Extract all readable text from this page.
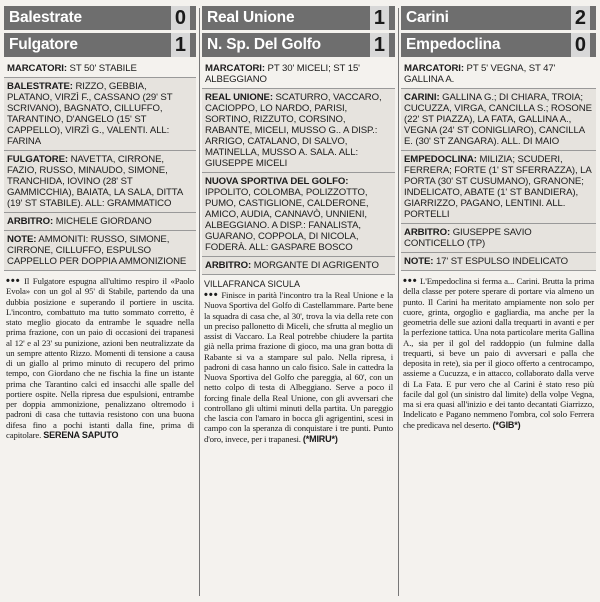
Balestrate	0
Fulgatore	1
MARCATORI: ST 50' STABILE
BALESTRATE: RIZZO, GEBBIA, PLATANO, VIRZÌ F., CASSANO (29' ST SCRIVANO), BAGNATO, CILLUFFO, TARANTINO, D'ANGELO (15' ST CAPPELLO), VIRZÌ G., VALENTI. ALL: FARINA
FULGATORE: NAVETTA, CIRRONE, FAZIO, RUSSO, MINAUDO, SIMONE, TRANCHIDA, IOVINO (28' ST GAMMICCHIA), BAIATA, LA SALA, DITTA (19' ST STABILE). ALL: GRAMMATICO
ARBITRO: MICHELE GIORDANO
NOTE: AMMONITI: RUSSO, SIMONE, CIRRONE, CILLUFFO, ESPULSO CAPPELLO PER DOPPIA AMMONIZIONE
••• Il Fulgatore espugna all'ultimo respiro il «Paolo Evola» con un gol al 95' di Stabile, partendo da una dubbia posizione e superando il portiere in uscita. L'incontro, combattuto ma tutto sommato corretto, è stato meglio giocato da entrambe le squadre nella prima frazione, con un paio di occasioni dei trapanesi al 12' e al 23' su punizione, azioni ben neutralizzate da un sempre attento Rizzo. Momenti di tensione a causa di un giallo al primo minuto di recupero del primo tempo, con Giordano che ne fischia la fine un istante prima che Tarantino calci ed insacchi alle spalle del portiere ospite. Nella ripresa due espulsioni, entrambe per doppia ammonizione, penalizzano oltremodo i padroni di casa che tuttavia resistono con una buona difesa fino a pochi istanti dalla fine, prima di capitolare. SERENA SAPUTO
Real Unione	1
N. Sp. Del Golfo	1
MARCATORI: PT 30' MICELI; ST 15' ALBEGGIANO
REAL UNIONE: SCATURRO, VACCARO, CACIOPPO, LO NARDO, PARISI, SORTINO, RIZZUTO, CORSINO, RABANTE, MICELI, MUSSO G.. A DISP.: ARRIGO, CATALANO, DI SALVO, MATINELLA, MUSSO A. SALA. ALL: GIUSEPPE MICELI
NUOVA SPORTIVA DEL GOLFO: IPPOLITO, COLOMBA, POLIZZOTTO, PUMO, CASTIGLIONE, CALDERONE, AMICO, AUDIA, CANNAVÒ, UNNIENI, ALBEGGIANO. A DISP.: FANALISTA, GUARANO, COPPOLA, DI NICOLA, FODERÀ. ALL: GASPARE BOSCO
ARBITRO: MORGANTE DI AGRIGENTO
VILLAFRANCA SICULA
••• Finisce in parità l'incontro tra la Real Unione e la Nuova Sportiva del Golfo di Castellammare. Parte bene la squadra di casa che, al 30', trova la via della rete con un preciso pallonetto di Miceli, che sfrutta al meglio un assist di Vaccaro. La Real potrebbe chiudere la partita già nella prima frazione di gioco, ma una gran botta di Rabante si va a stampare sul palo. Nella ripresa, i padroni di casa hanno un calo fisico. Sale in cattedra la Nuova Sportiva del Golfo che pareggia, al 60', con un netto colpo di testa di Albeggiano. Serve a poco il forcing finale della Real Unione, con gli avversari che controllano gli ultimi minuti della partita. Un pareggio che lascia con l'amaro in bocca gli agrigentini, scesi in campo con la speranza di conquistare i tre punti. Punto d'oro, invece, per i trapanesi. (*MIRU*)
Carini	2
Empedoclina	0
MARCATORI: PT 5' VEGNA, ST 47' GALLINA A.
CARINI: GALLINA G.; DI CHIARA, TROIA; CUCUZZA, VIRGA, CANCILLA S.; ROSONE (22' ST PIAZZA), LA FATA, GALLINA A., VEGNA (24' ST CONIGLIARO), CANCILLA E. (30' ST ZANGARA). ALL. DI MAIO
EMPEDOCLINA: MILIZIA; SCUDERI, FERRERA; FORTE (1' ST SFERRAZZA), LA PORTA (30' ST CUSUMANO), GRANONE; INDELICATO, ABATE (1' ST BANDIERA), GIARRIZZO, PAGANO, LENTINI. ALL. PORTELLI
ARBITRO: GIUSEPPE SAVIO CONTICELLO (TP)
NOTE: 17' ST ESPULSO INDELICATO
••• L'Empedoclina si ferma a... Carini. Brutta la prima della classe per potere sperare di portare via almeno un punto. Il Carini ha meritato ampiamente non solo per cuore, grinta, orgoglio e gagliardia, ma anche per la geometria delle sue azioni dalla trequarti in avanti e per la perfezione tattica. Una nota particolare merita Gallina A., sia per il gol del raddoppio (un fulmine dalla trequarti, si beve un paio di avversari e palla che deposita in rete), sia per il gioco offerto a centrocampo, assieme a Cucuzza, e in attacco, collaborato dalla verve di La Fata. E pur vero che al Carini è stato reso più facile dal gol (un sinistro dal limite) della volpe Vegna, ma si era quasi all'inizio e dei tanto decantati Giarrizzo, Indelicato e Pagano nemmeno l'ombra, col solo Ferrera che predicava nel deserto. (*GIB*)
